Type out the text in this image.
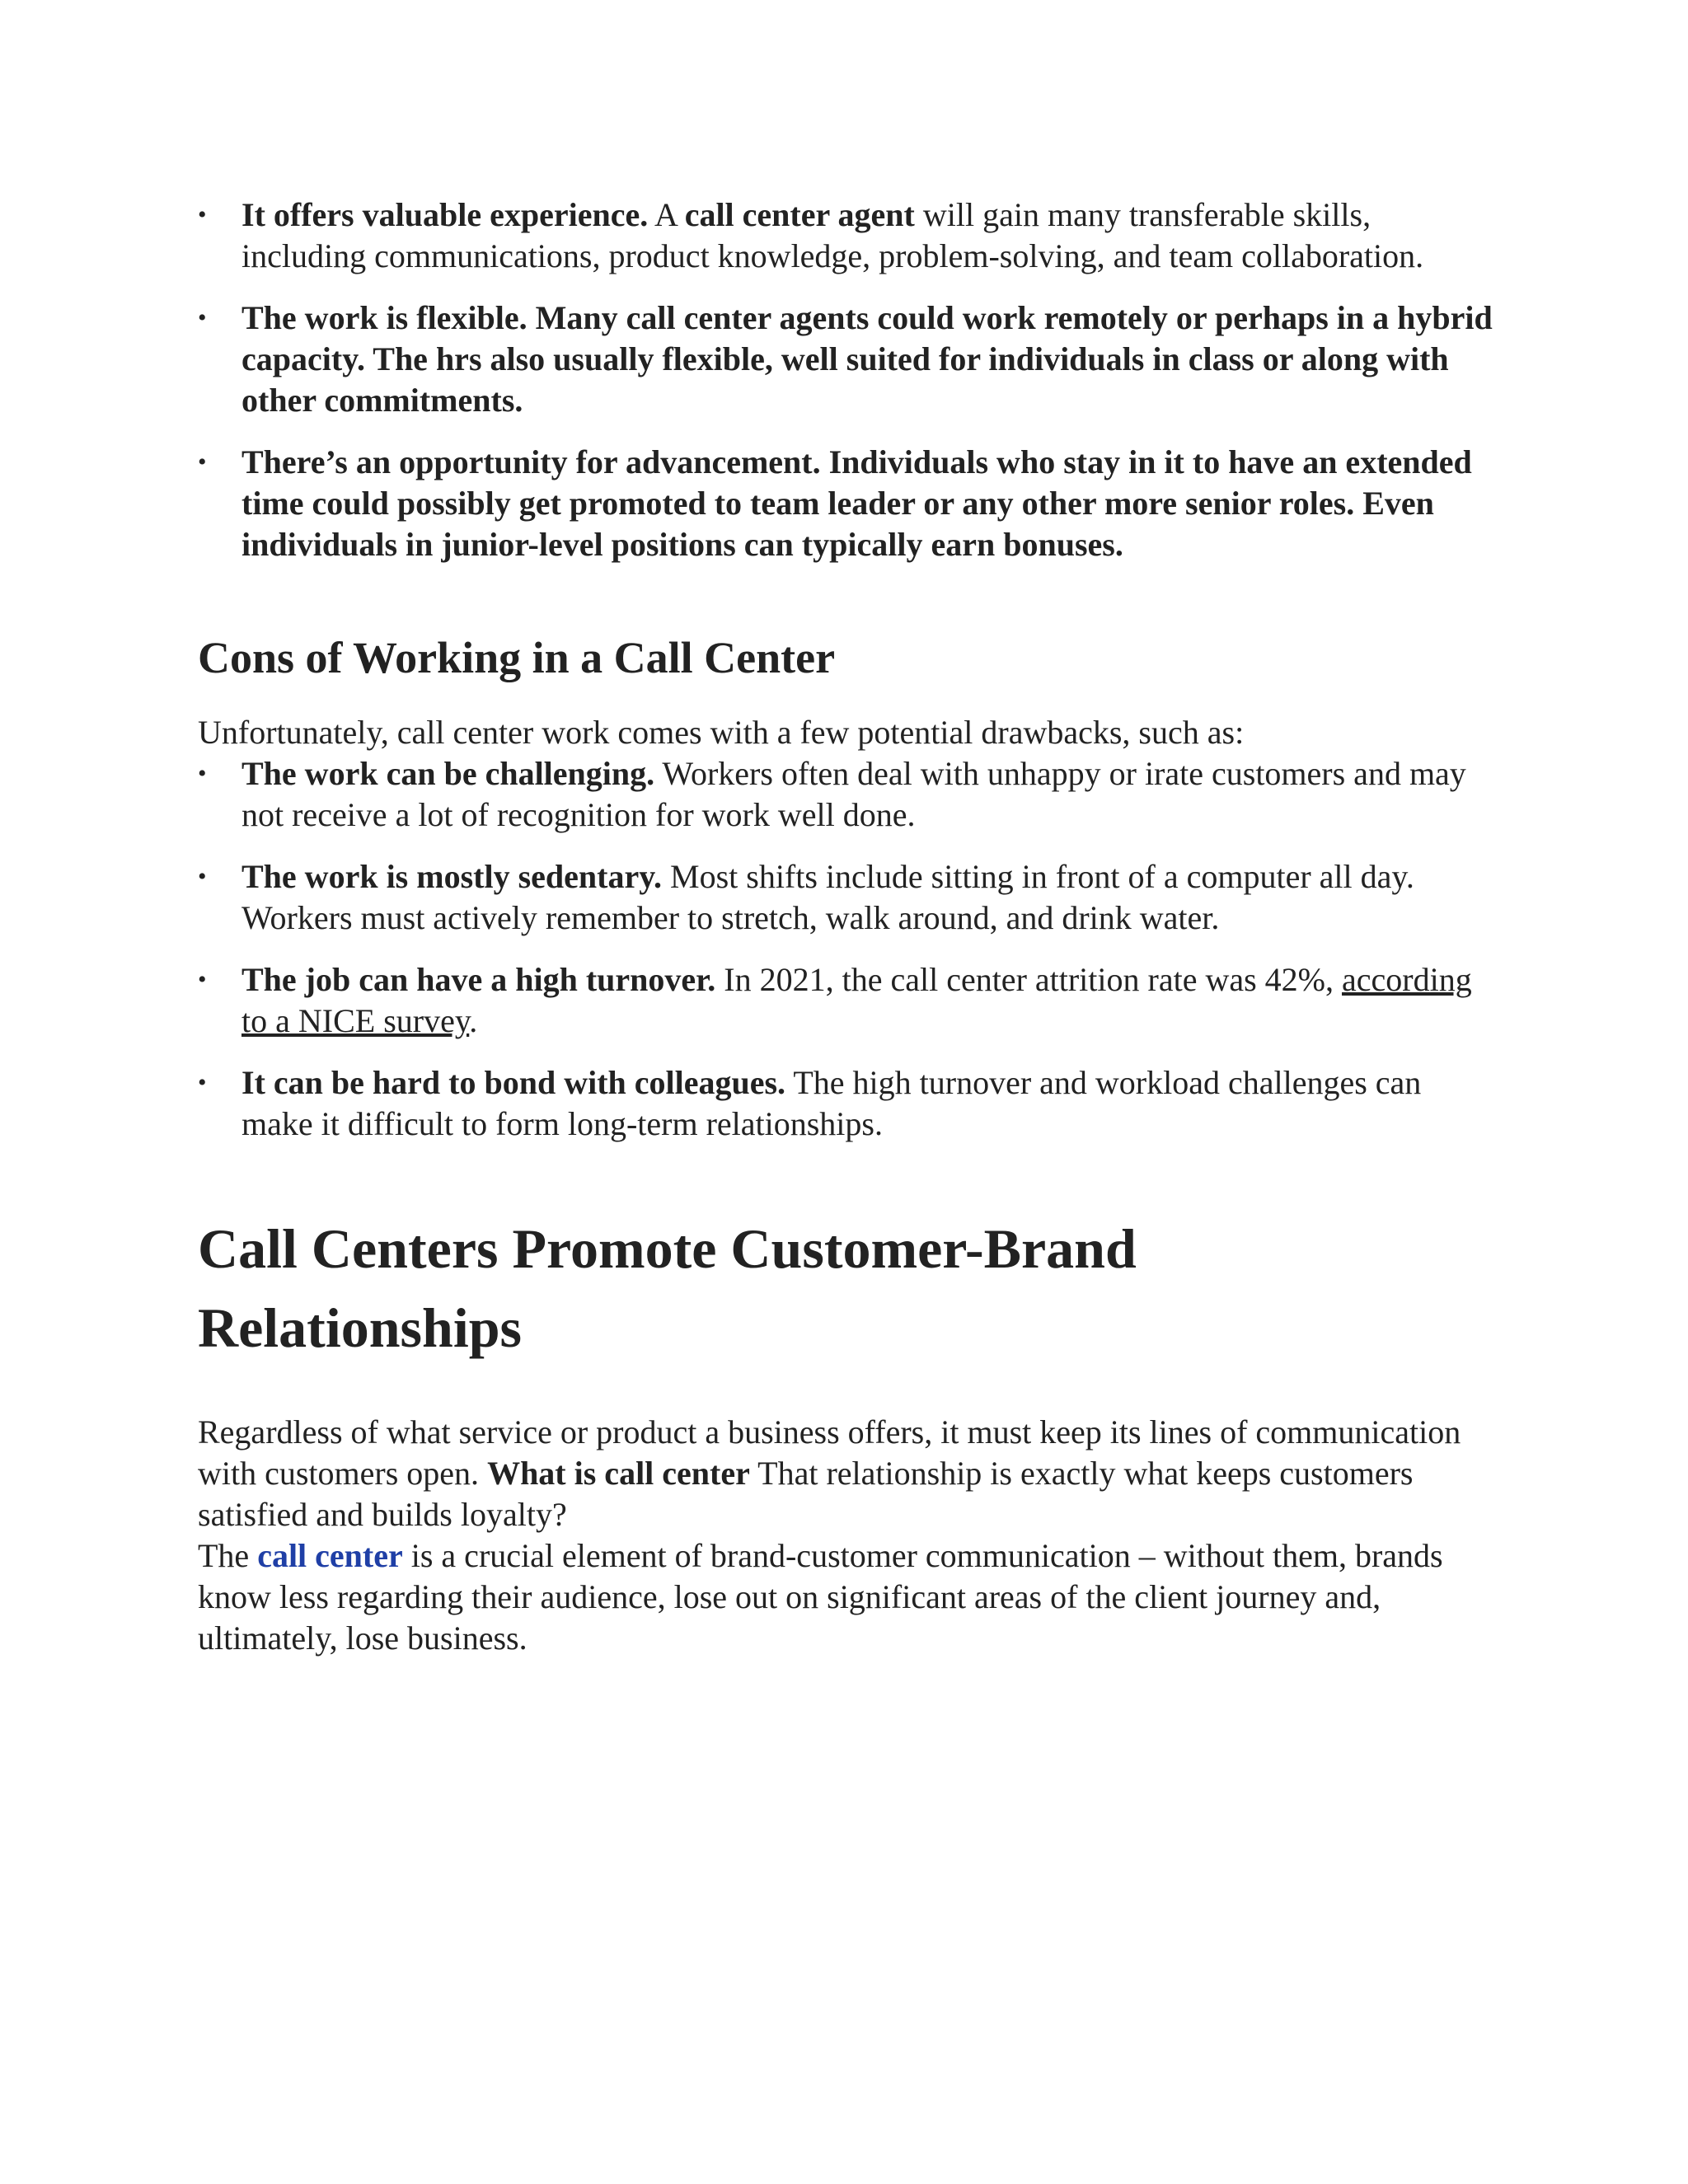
•	It offers valuable experience. A call center agent will gain many transferable skills, including communications, product knowledge, problem-solving, and team collaboration.
•	The work is flexible. Many call center agents could work remotely or perhaps in a hybrid capacity. The hrs also usually flexible, well suited for individuals in class or along with other commitments.
•	There’s an opportunity for advancement. Individuals who stay in it to have an extended time could possibly get promoted to team leader or any other more senior roles. Even individuals in junior-level positions can typically earn bonuses.
Cons of Working in a Call Center

Unfortunately, call center work comes with a few potential drawbacks, such as:

•	The work can be challenging. Workers often deal with unhappy or irate customers and may not receive a lot of recognition for work well done.
•	The work is mostly sedentary. Most shifts include sitting in front of a computer all day. Workers must actively remember to stretch, walk around, and drink water.
•	The job can have a high turnover. In 2021, the call center attrition rate was 42%, according to a NICE survey.
•	It can be hard to bond with colleagues. The high turnover and workload challenges can make it difficult to form long-term relationships.
Call Centers Promote Customer-Brand Relationships

Regardless of what service or product a business offers, it must keep its lines of communication with customers open. What is call center That relationship is exactly what keeps customers satisfied and builds loyalty?

The call center is a crucial element of brand-customer communication – without them, brands know less regarding their audience, lose out on significant areas of the client journey and, ultimately, lose business.
